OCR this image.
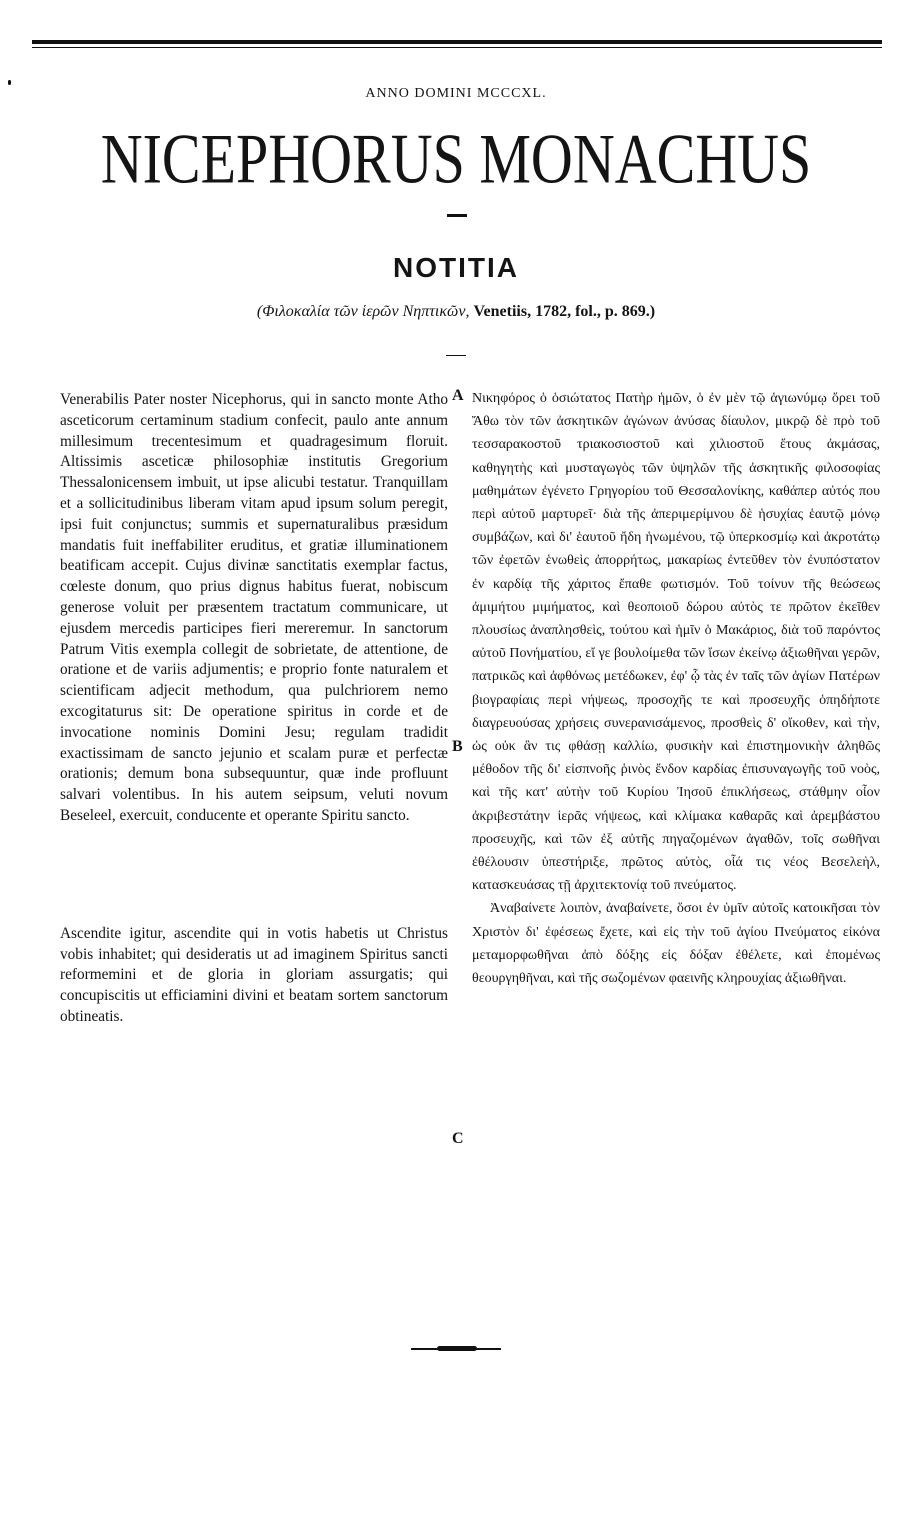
ANNO DOMINI MCCCXL.
NICEPHORUS MONACHUS
NOTITIA
(Φιλοκαλία τῶν ἱερῶν Νηπτικῶν, Venetiis, 1782, fol., p. 869.)

Venerabilis Pater noster Nicephorus, qui in sancto monte Atho asceticorum certaminum stadium confecit, paulo ante annum millesimum trecentesimum et quadragesimum floruit. Altissimis asceticæ philosophiæ institutis Gregorium Thessalonicensem imbuit, ut ipse alicubi testatur. Tranquillam et a sollicitudinibus liberam vitam apud ipsum solum peregit, ipsi fuit conjunctus; summis et supernaturalibus præsidum mandatis fuit ineffabiliter eruditus, et gratiæ illuminationem beatificam accepit. Cujus divinæ sanctitatis exemplar factus, cœleste donum, quo prius dignus habitus fuerat, nobiscum generose voluit per præsentem tractatum communicare, ut ejusdem mercedis participes fieri mereremur. In sanctorum Patrum Vitis exempla collegit de sobrietate, de attentione, de oratione et de variis adjumentis; e proprio fonte naturalem et scientificam adjecit methodum, qua pulchriorem nemo excogitaturus sit: De operatione spiritus in corde et de invocatione nominis Domini Jesu; regulam tradidit exactissimam de sancto jejunio et scalam puræ et perfectæ orationis; demum bona subsequuntur, quæ inde profluunt salvari volentibus. In his autem seipsum, veluti novum Beseleel, exercuit, conducente et operante Spiritu sancto.

Ascendite igitur, ascendite qui in votis habetis ut Christus vobis inhabitet; qui desideratis ut ad imaginem Spiritus sancti reformemini et de gloria in gloriam assurgatis; qui concupiscitis ut efficiamini divini et beatam sortem sanctorum obtineatis.

A
B
C

Νικηφόρος ὁ ὁσιώτατος Πατὴρ ἡμῶν, ὁ ἐν μὲν τῷ ἁγιωνύμῳ ὄρει τοῦ Ἄθω τὸν τῶν ἀσκητικῶν ἀγώνων ἀνύσας δίαυλον, μικρῷ δὲ πρὸ τοῦ τεσσαρακοστοῦ τριακοσιοστοῦ καὶ χιλιοστοῦ ἔτους ἀκμάσας, καθηγητὴς καὶ μυσταγωγὸς τῶν ὑψηλῶν τῆς ἀσκητικῆς φιλοσοφίας μαθημάτων ἐγένετο Γρηγορίου τοῦ Θεσσαλονίκης, καθάπερ αὐτός που περὶ αὐτοῦ μαρτυρεῖ· διὰ τῆς ἀπεριμερίμνου δὲ ἡσυχίας ἑαυτῷ μόνῳ συμβάζων, καὶ δι' ἑαυτοῦ ἤδη ἡνωμένου, τῷ ὑπερκοσμίῳ καὶ ἀκροτάτῳ τῶν ἐφετῶν ἑνωθεὶς ἀπορρήτως, μακαρίως ἐντεῦθεν τὸν ἐνυπόστατον ἐν καρδίᾳ τῆς χάριτος ἔπαθε φωτισμόν. Τοῦ τοίνυν τῆς θεώσεως ἀμιμήτου μιμήματος, καὶ θεοποιοῦ δώρου αὐτὸς τε πρῶτον ἐκεῖθεν πλουσίως ἀναπλησθεὶς, τούτου καὶ ἡμῖν ὁ Μακάριος, διὰ τοῦ παρόντος αὐτοῦ Πονήματίου, εἴ γε βουλοίμεθα τῶν ἴσων ἐκείνῳ ἀξιωθῆναι γερῶν, πατρικῶς καὶ ἀφθόνως μετέδωκεν, ἐφ' ᾧ τὰς ἐν ταῖς τῶν ἁγίων Πατέρων βιογραφίαις περὶ νήψεως, προσοχῆς τε καὶ προσευχῆς ὁπηδήποτε διαγρευούσας χρήσεις συνερανισάμενος, προσθεὶς δ' οἴκοθεν, καὶ τὴν, ὡς οὐκ ἂν τις φθάσῃ καλλίω, φυσικὴν καὶ ἐπιστημονικὴν ἀληθῶς μέθοδον τῆς δι' εἰσπνοῆς ῥινὸς ἔνδον καρδίας ἐπισυναγωγῆς τοῦ νοὸς, καὶ τῆς κατ' αὐτὴν τοῦ Κυρίου Ἰησοῦ ἐπικλήσεως, στάθμην οἷον ἀκριβεστάτην ἱερᾶς νήψεως, καὶ κλίμακα καθαρᾶς καὶ ἀρεμβάστου προσευχῆς, καὶ τῶν ἐξ αὐτῆς πηγαζομένων ἀγαθῶν, τοῖς σωθῆναι ἐθέλουσιν ὑπεστήριξε, πρῶτος αὐτὸς, οἷά τις νέος Βεσελεὴλ, κατασκευάσας τῇ ἀρχιτεκτονίᾳ τοῦ πνεύματος.

Ἀναβαίνετε λοιπὸν, ἀναβαίνετε, ὅσοι ἐν ὑμῖν αὐτοῖς κατοικῆσαι τὸν Χριστὸν δι' ἐφέσεως ἔχετε, καὶ εἰς τὴν τοῦ ἁγίου Πνεύματος εἰκόνα μεταμορφωθῆναι ἀπὸ δόξης εἰς δόξαν ἐθέλετε, καὶ ἑπομένως θεουργηθῆναι, καὶ τῆς σωζομένων φαεινῆς κληρουχίας ἀξιωθῆναι.
